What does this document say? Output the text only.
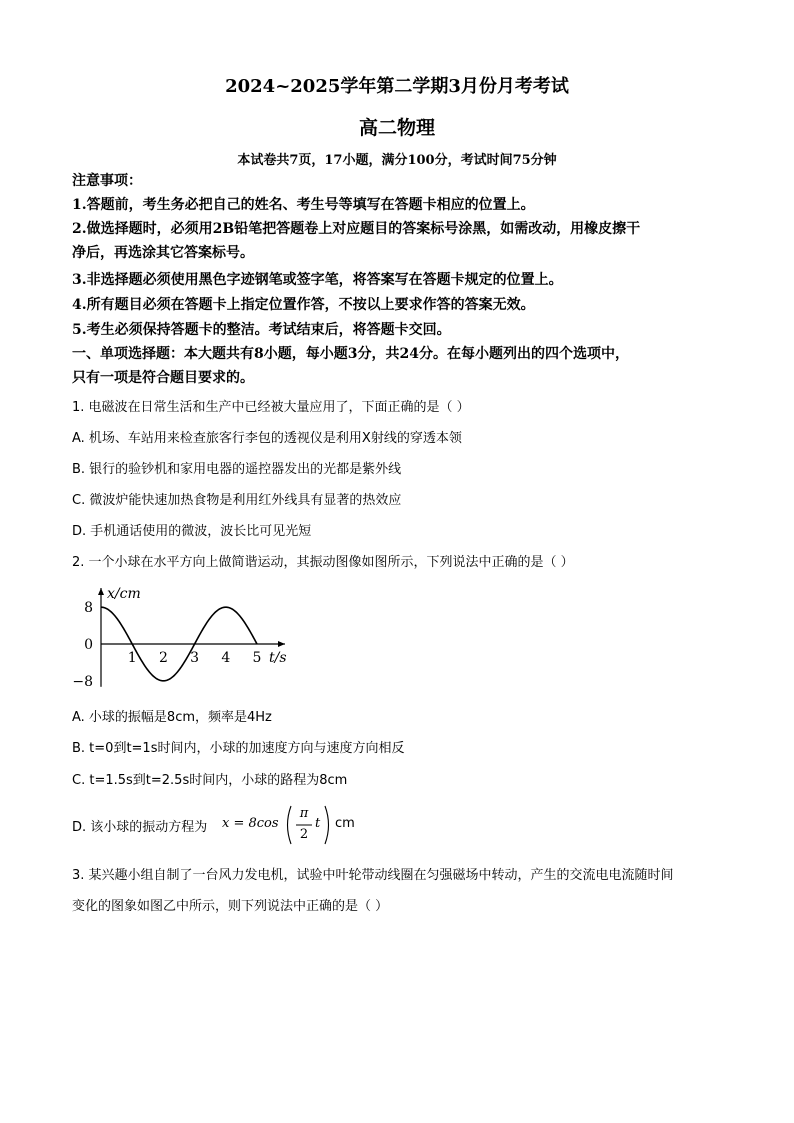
2024~2025学年第二学期3月份月考考试
高二物理
本试卷共7页，17小题，满分100分，考试时间75分钟
注意事项：
1.答题前，考生务必把自己的姓名、考生号等填写在答题卡相应的位置上。
2.做选择题时，必须用2B铅笔把答题卷上对应题目的答案标号涂黑，如需改动，用橡皮擦干
净后，再选涂其它答案标号。
3.非选择题必须使用黑色字迹钢笔或签字笔，将答案写在答题卡规定的位置上。
4.所有题目必须在答题卡上指定位置作答，不按以上要求作答的答案无效。
5.考生必须保持答题卡的整洁。考试结束后，将答题卡交回。
一、单项选择题：本大题共有8小题，每小题3分，共24分。在每小题列出的四个选项中，
只有一项是符合题目要求的。
1. 电磁波在日常生活和生产中已经被大量应用了，下面正确的是（ ）
A. 机场、车站用来检查旅客行李包的透视仪是利用X射线的穿透本领
B. 银行的验钞机和家用电器的遥控器发出的光都是紫外线
C. 微波炉能快速加热食物是利用红外线具有显著的热效应
D. 手机通话使用的微波，波长比可见光短
2. 一个小球在水平方向上做简谐运动，其振动图像如图所示，下列说法中正确的是（ ）
8
0
−8
1 2 3 4 5
x/cm
t/s
A. 小球的振幅是8cm，频率是4Hz
B. t=0到t=1s时间内，小球的加速度方向与速度方向相反
C. t=1.5s到t=2.5s时间内，小球的路程为8cm
D. 该小球的振动方程为 x = 8cos
π
2
t cm
3. 某兴趣小组自制了一台风力发电机，试验中叶轮带动线圈在匀强磁场中转动，产生的交流电电流随时间
变化的图象如图乙中所示，则下列说法中正确的是（ ）
